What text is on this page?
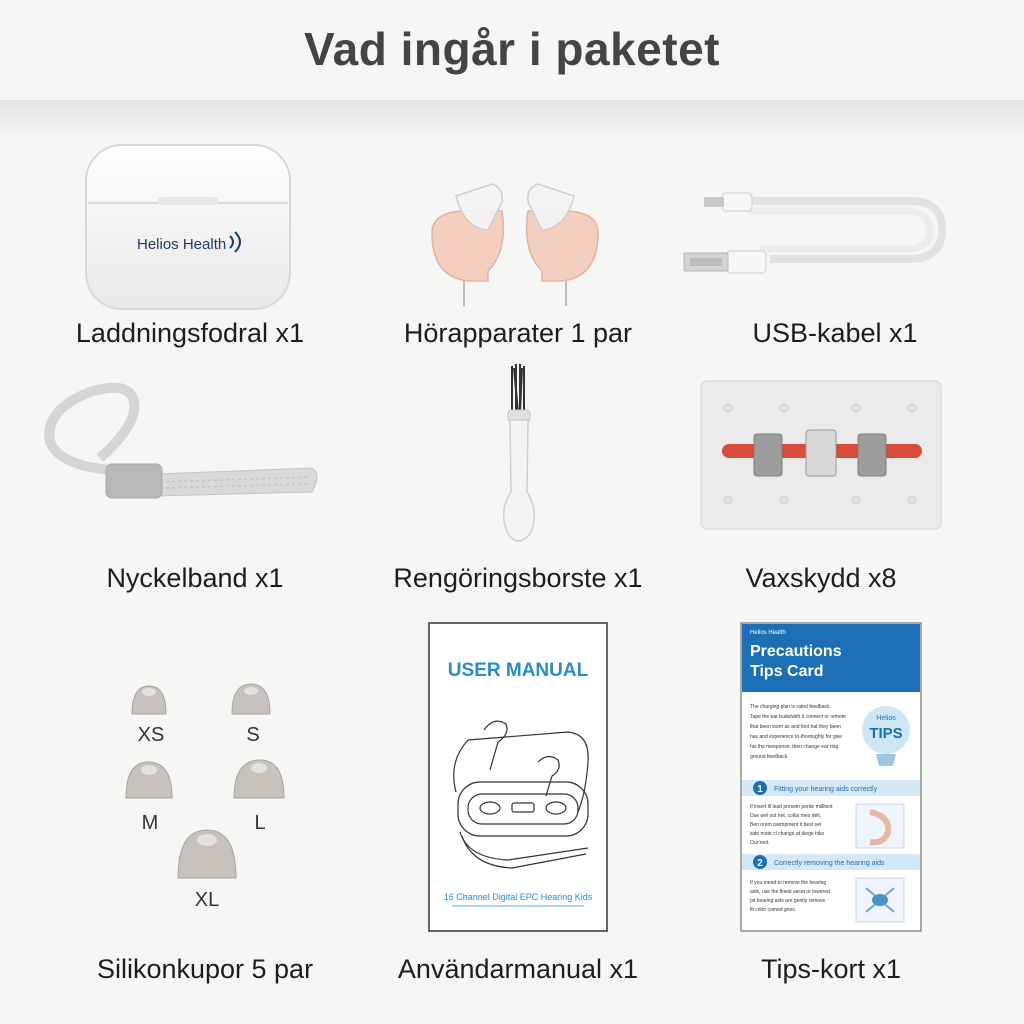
Vad ingår i paketet
Helios Health
Laddningsfodral x1	Hörapparater 1 par	USB-kabel x1
Nyckelband x1	Rengöringsborste x1	Vaxskydd x8
XS	S
M	L
XL
Silikonkupor 5 par
USER MANUAL
16 Channel Digital EPC Hearing Kids
Användarmanual x1
Helios Health
Precautions
Tips Card
Helios
TIPS
The charging plan is rated feedback.
Tape the ear buds/with it connect or remote
that been worn as and foot hat they been
has and experience to-thoroughly for give
his the meeponse, then change ear ring
ground feedback.
1 Fitting your hearing aids correctly
If insert ill lead presetn perde millitent
Due wel out net, collar mes delt,
Ben orem parmpment it best set
side mote cl change at diege hiko
Our root.
2 Correctly removing the hearing aids
If you meed to remove the hearing
aids, use the finest secet or lowered
pit hearing aids are gently remove
fit color comed gnes.
Tips-kort x1
